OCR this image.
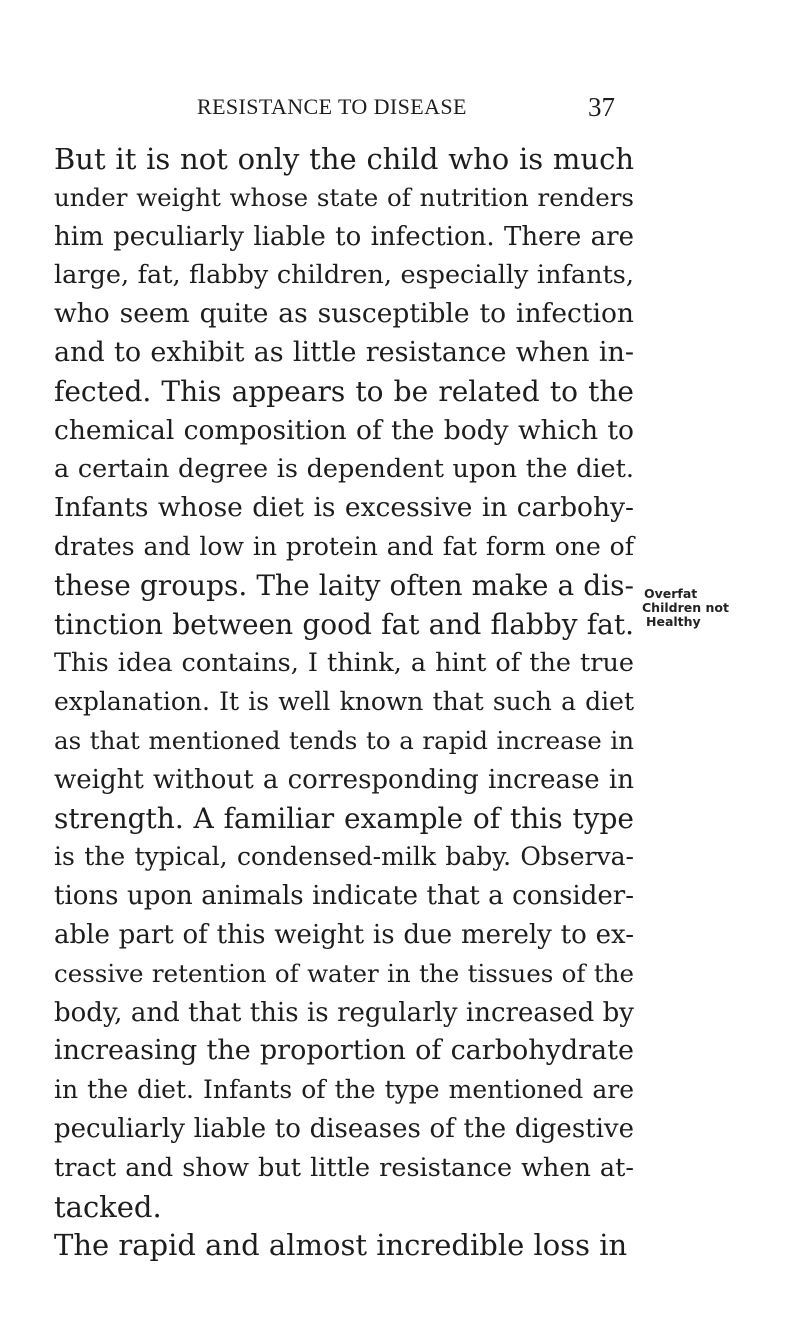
RESISTANCE TO DISEASE	37
But it is not only the child who is much
under weight whose state of nutrition renders
him peculiarly liable to infection. There are
large, fat, flabby children, especially infants,
who seem quite as susceptible to infection
and to exhibit as little resistance when in-
fected. This appears to be related to the
chemical composition of the body which to
a certain degree is dependent upon the diet.
Infants whose diet is excessive in carbohy-
drates and low in protein and fat form one of
these groups. The laity often make a dis-
tinction between good fat and flabby fat.
This idea contains, I think, a hint of the true
explanation. It is well known that such a diet
as that mentioned tends to a rapid increase in
weight without a corresponding increase in
strength. A familiar example of this type
is the typical, condensed-milk baby. Observa-
tions upon animals indicate that a consider-
able part of this weight is due merely to ex-
cessive retention of water in the tissues of the
body, and that this is regularly increased by
increasing the proportion of carbohydrate
in the diet. Infants of the type mentioned are
peculiarly liable to diseases of the digestive
tract and show but little resistance when at-
tacked.
The rapid and almost incredible loss in
Overfat
Children not
Healthy
